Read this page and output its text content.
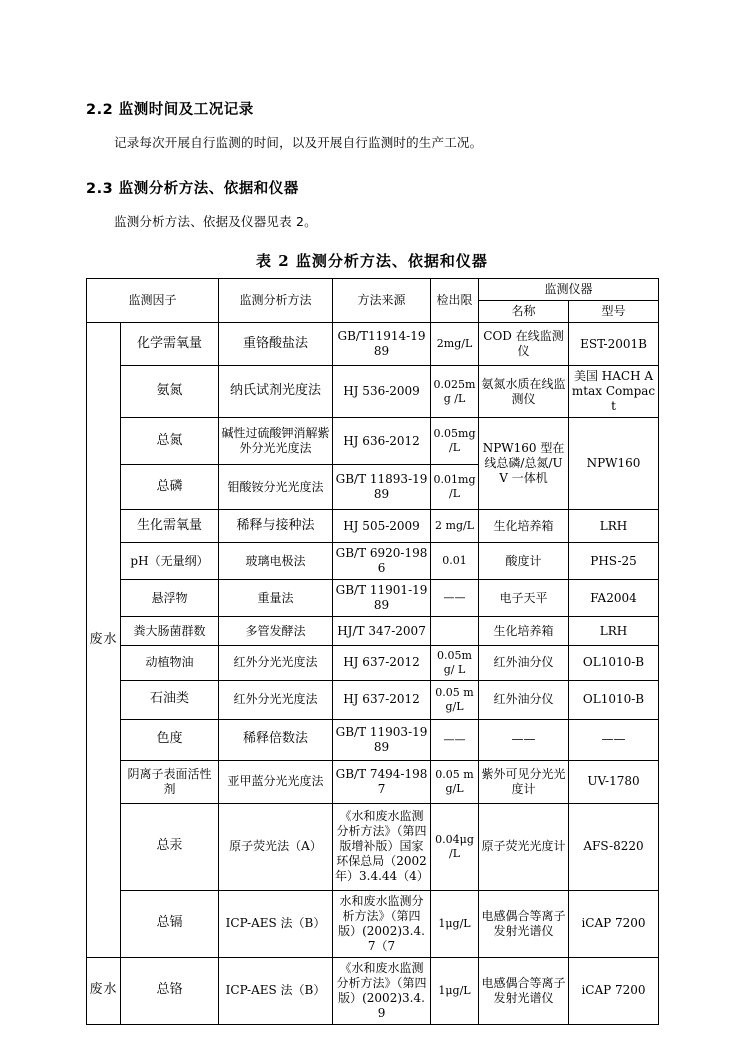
2.2 监测时间及工况记录

记录每次开展自行监测的时间，以及开展自行监测时的生产工况。

2.3 监测分析方法、依据和仪器

监测分析方法、依据及仪器见表 2。

表 2 监测分析方法、依据和仪器
监测因子		监测分析方法	方法来源	检出限	监测仪器	
					名称	型号
废水	化学需氧量	重铬酸盐法	GB/T11914-1989	2mg/L	COD 在线监测仪	EST-2001B
	氨氮	纳氏试剂光度法	HJ 536-2009	0.025mg /L	氨氮水质在线监测仪	美国 HACH Amtax Compact
	总氮	碱性过硫酸钾消解紫外分光光度法	HJ 636-2012	0.05mg /L	NPW160 型在线总磷/总氮/UV 一体机	NPW160
	总磷	钼酸铵分光光度法	GB/T 11893-1989	0.01mg /L		
	生化需氧量	稀释与接种法	HJ 505-2009	2 mg/L	生化培养箱	LRH
	pH（无量纲）	玻璃电极法	GB/T 6920-1986	0.01	酸度计	PHS-25
	悬浮物	重量法	GB/T 11901-1989	——	电子天平	FA2004
	粪大肠菌群数	多管发酵法	HJ/T 347-2007		生化培养箱	LRH
	动植物油	红外分光光度法	HJ 637-2012	0.05mg/ L	红外油分仪	OL1010-B
	石油类	红外分光光度法	HJ 637-2012	0.05 mg/L	红外油分仪	OL1010-B
	色度	稀释倍数法	GB/T 11903-1989	——	——	——
	阴离子表面活性剂	亚甲蓝分光光度法	GB/T 7494-1987	0.05 mg/L	紫外可见分光光度计	UV-1780
	总汞	原子荧光法（A）	《水和废水监测分析方法》（第四版增补版）国家环保总局（2002年）3.4.44（4）	0.04μg /L	原子荧光光度计	AFS-8220
	总镉	ICP-AES 法（B）	水和废水监测分析方法》（第四版）(2002)3.4.7（7	1μg/L	电感偶合等离子发射光谱仪	iCAP 7200
废水	总铬	ICP-AES 法（B）	《水和废水监测分析方法》（第四版）(2002)3.4.9	1μg/L	电感偶合等离子发射光谱仪	iCAP 7200
